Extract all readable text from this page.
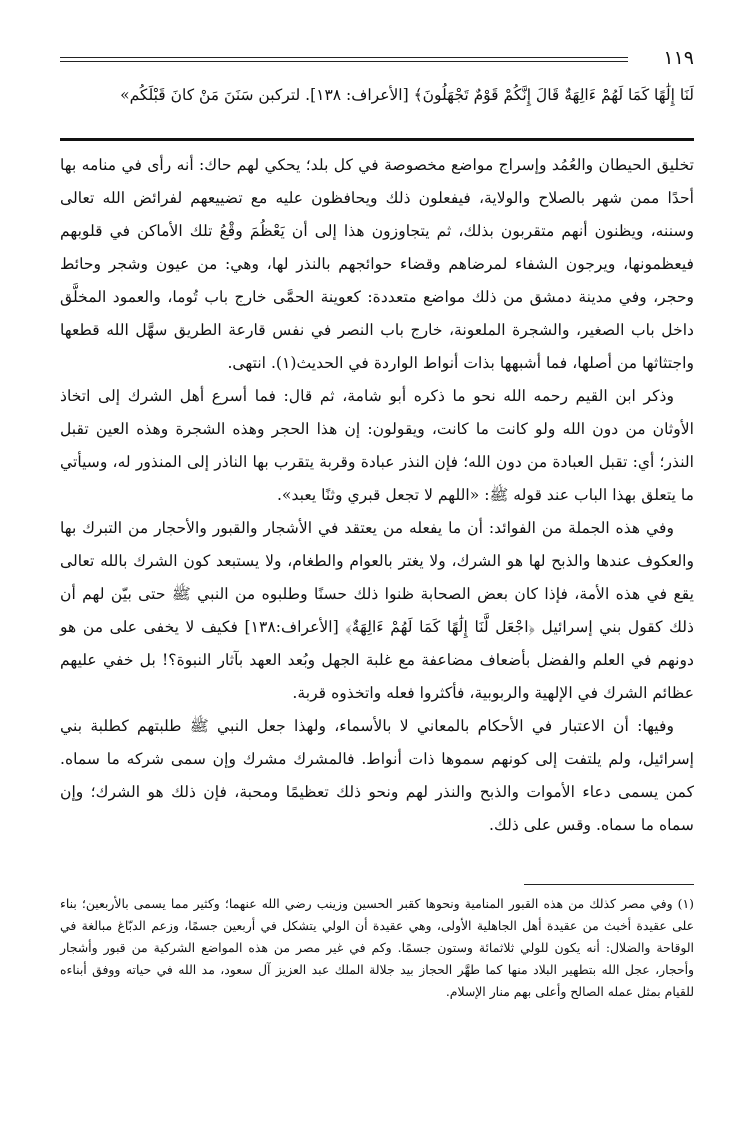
١١٩

لَنَا إِلَٰهًا كَمَا لَهُمْ ءَالِهَةٌ قَالَ إِنَّكُمْ قَوْمٌ تَجْهَلُونَ﴾ [الأعراف: ١٣٨]. لتركبن سَنَنَ مَنْ كانَ قَبْلَكُم»

تخليق الحيطان والعُمُد وإسراج مواضع مخصوصة في كل بلد؛ يحكي لهم حاك: أنه رأى في منامه بها أحدًا ممن شهر بالصلاح والولاية، فيفعلون ذلك ويحافظون عليه مع تضييعهم لفرائض الله تعالى وسننه، ويظنون أنهم متقربون بذلك، ثم يتجاوزون هذا إلى أن يَعْظُمَ وقْعُ تلك الأماكن في قلوبهم فيعظمونها، ويرجون الشفاء لمرضاهم وقضاء حوائجهم بالنذر لها، وهي: من عيون وشجر وحائط وحجر، وفي مدينة دمشق من ذلك مواضع متعددة: كعوينة الحمَّى خارج باب تُوما، والعمود المخلَّق داخل باب الصغير، والشجرة الملعونة، خارج باب النصر في نفس قارعة الطريق سهَّل الله قطعها واجتثاثها من أصلها، فما أشبهها بذات أنواط الواردة في الحديث(١). انتهى.

وذكر ابن القيم رحمه الله نحو ما ذكره أبو شامة، ثم قال: فما أسرع أهل الشرك إلى اتخاذ الأوثان من دون الله ولو كانت ما كانت، ويقولون: إن هذا الحجر وهذه الشجرة وهذه العين تقبل النذر؛ أي: تقبل العبادة من دون الله؛ فإن النذر عبادة وقربة يتقرب بها الناذر إلى المنذور له، وسيأتي ما يتعلق بهذا الباب عند قوله ﷺ: «اللهم لا تجعل قبري وثنًا يعبد».

وفي هذه الجملة من الفوائد: أن ما يفعله من يعتقد في الأشجار والقبور والأحجار من التبرك بها والعكوف عندها والذبح لها هو الشرك، ولا يغتر بالعوام والطغام، ولا يستبعد كون الشرك بالله تعالى يقع في هذه الأمة، فإذا كان بعض الصحابة ظنوا ذلك حسنًا وطلبوه من النبي ﷺ حتى بيّن لهم أن ذلك كقول بني إسرائيل ﴿اجْعَل لَّنَا إِلَٰهًا كَمَا لَهُمْ ءَالِهَةٌ﴾ [الأعراف:١٣٨] فكيف لا يخفى على من هو دونهم في العلم والفضل بأضعاف مضاعفة مع غلبة الجهل وبُعد العهد بآثار النبوة؟! بل خفي عليهم عظائم الشرك في الإلهية والربوبية، فأكثروا فعله واتخذوه قربة.

وفيها: أن الاعتبار في الأحكام بالمعاني لا بالأسماء، ولهذا جعل النبي ﷺ طلبتهم كطلبة بني إسرائيل، ولم يلتفت إلى كونهم سموها ذات أنواط. فالمشرك مشرك وإن سمى شركه ما سماه. كمن يسمى دعاء الأموات والذبح والنذر لهم ونحو ذلك تعظيمًا ومحبة، فإن ذلك هو الشرك؛ وإن سماه ما سماه. وقس على ذلك.

(١) وفي مصر كذلك من هذه القبور المنامية ونحوها كقبر الحسين وزينب رضي الله عنهما؛ وكثير مما يسمى بالأربعين؛ بناء على عقيدة أخبث من عقيدة أهل الجاهلية الأولى، وهي عقيدة أن الولي يتشكل في أربعين جسمًا، وزعم الدبّاغ مبالغة في الوقاحة والضلال: أنه يكون للولي ثلاثمائة وستون جسمًا. وكم في غير مصر من هذه المواضع الشركية من قبور وأشجار وأحجار، عجل الله بتطهير البلاد منها كما طهَّر الحجاز بيد جلالة الملك عبد العزيز آل سعود، مد الله في حياته ووفق أبناءه للقيام بمثل عمله الصالح وأعلى بهم منار الإسلام.
